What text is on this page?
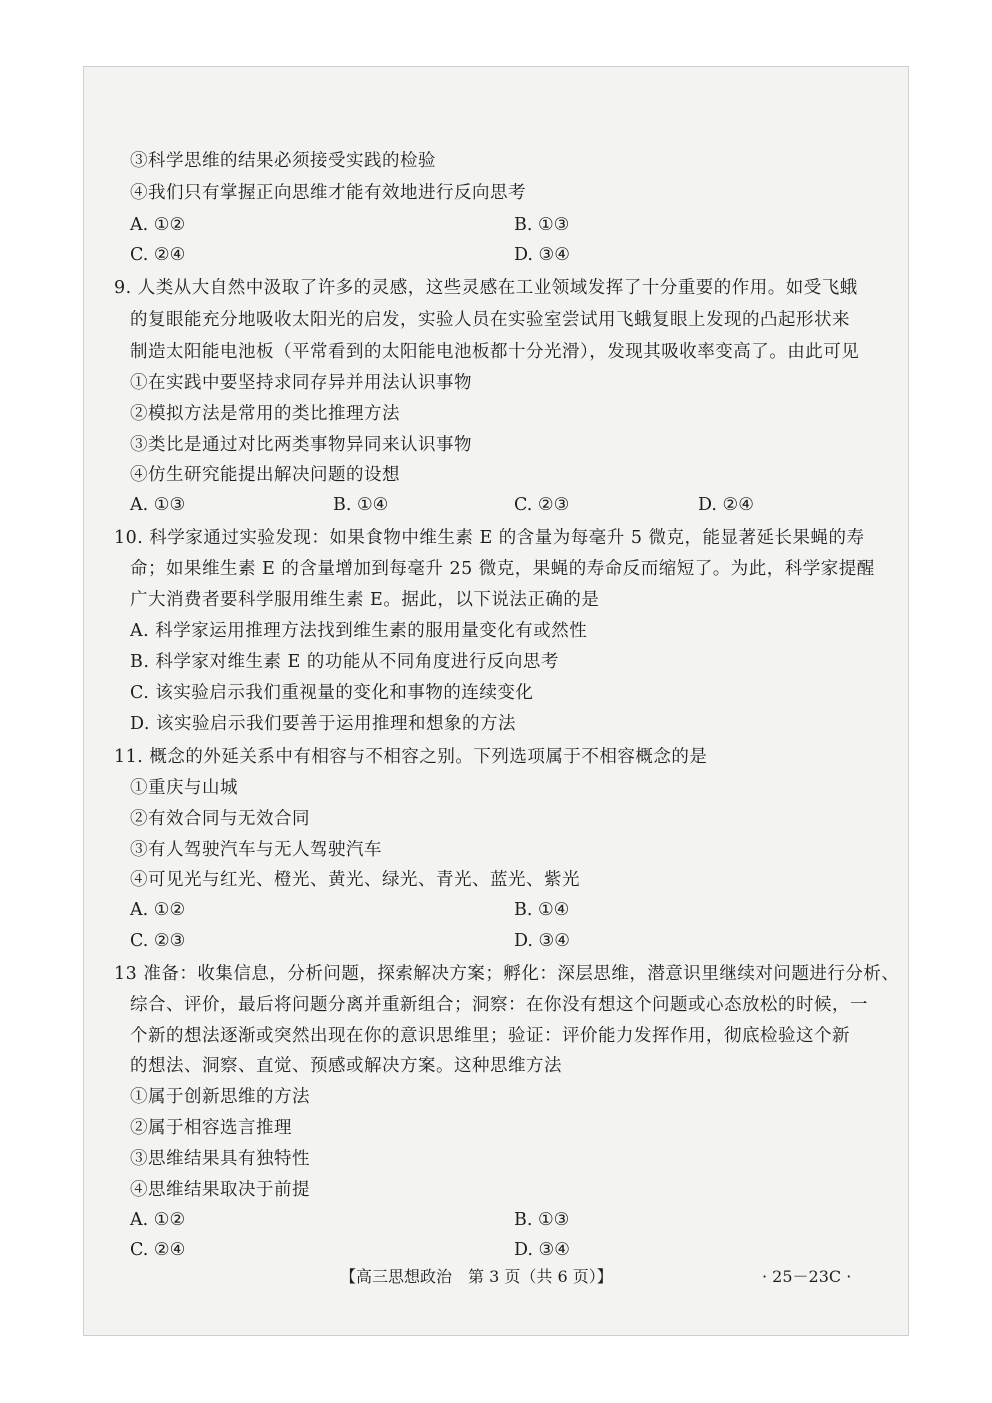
③科学思维的结果必须接受实践的检验
④我们只有掌握正向思维才能有效地进行反向思考
A. ①②	B. ①③
C. ②④	D. ③④
9. 人类从大自然中汲取了许多的灵感，这些灵感在工业领域发挥了十分重要的作用。如受飞蛾
的复眼能充分地吸收太阳光的启发，实验人员在实验室尝试用飞蛾复眼上发现的凸起形状来
制造太阳能电池板（平常看到的太阳能电池板都十分光滑），发现其吸收率变高了。由此可见
①在实践中要坚持求同存异并用法认识事物
②模拟方法是常用的类比推理方法
③类比是通过对比两类事物异同来认识事物
④仿生研究能提出解决问题的设想
A. ①③	B. ①④	C. ②③	D. ②④
10. 科学家通过实验发现：如果食物中维生素 E 的含量为每毫升 5 微克，能显著延长果蝇的寿
命；如果维生素 E 的含量增加到每毫升 25 微克，果蝇的寿命反而缩短了。为此，科学家提醒
广大消费者要科学服用维生素 E。据此，以下说法正确的是
A. 科学家运用推理方法找到维生素的服用量变化有或然性
B. 科学家对维生素 E 的功能从不同角度进行反向思考
C. 该实验启示我们重视量的变化和事物的连续变化
D. 该实验启示我们要善于运用推理和想象的方法
11. 概念的外延关系中有相容与不相容之别。下列选项属于不相容概念的是
①重庆与山城
②有效合同与无效合同
③有人驾驶汽车与无人驾驶汽车
④可见光与红光、橙光、黄光、绿光、青光、蓝光、紫光
A. ①②	B. ①④
C. ②③	D. ③④
13 准备：收集信息，分析问题，探索解决方案；孵化：深层思维，潜意识里继续对问题进行分析、
综合、评价，最后将问题分离并重新组合；洞察：在你没有想这个问题或心态放松的时候，一
个新的想法逐渐或突然出现在你的意识思维里；验证：评价能力发挥作用，彻底检验这个新
的想法、洞察、直觉、预感或解决方案。这种思维方法
①属于创新思维的方法
②属于相容选言推理
③思维结果具有独特性
④思维结果取决于前提
A. ①②	B. ①③
C. ②④	D. ③④
【高三思想政治　第 3 页（共 6 页）】	· 25－23C ·
